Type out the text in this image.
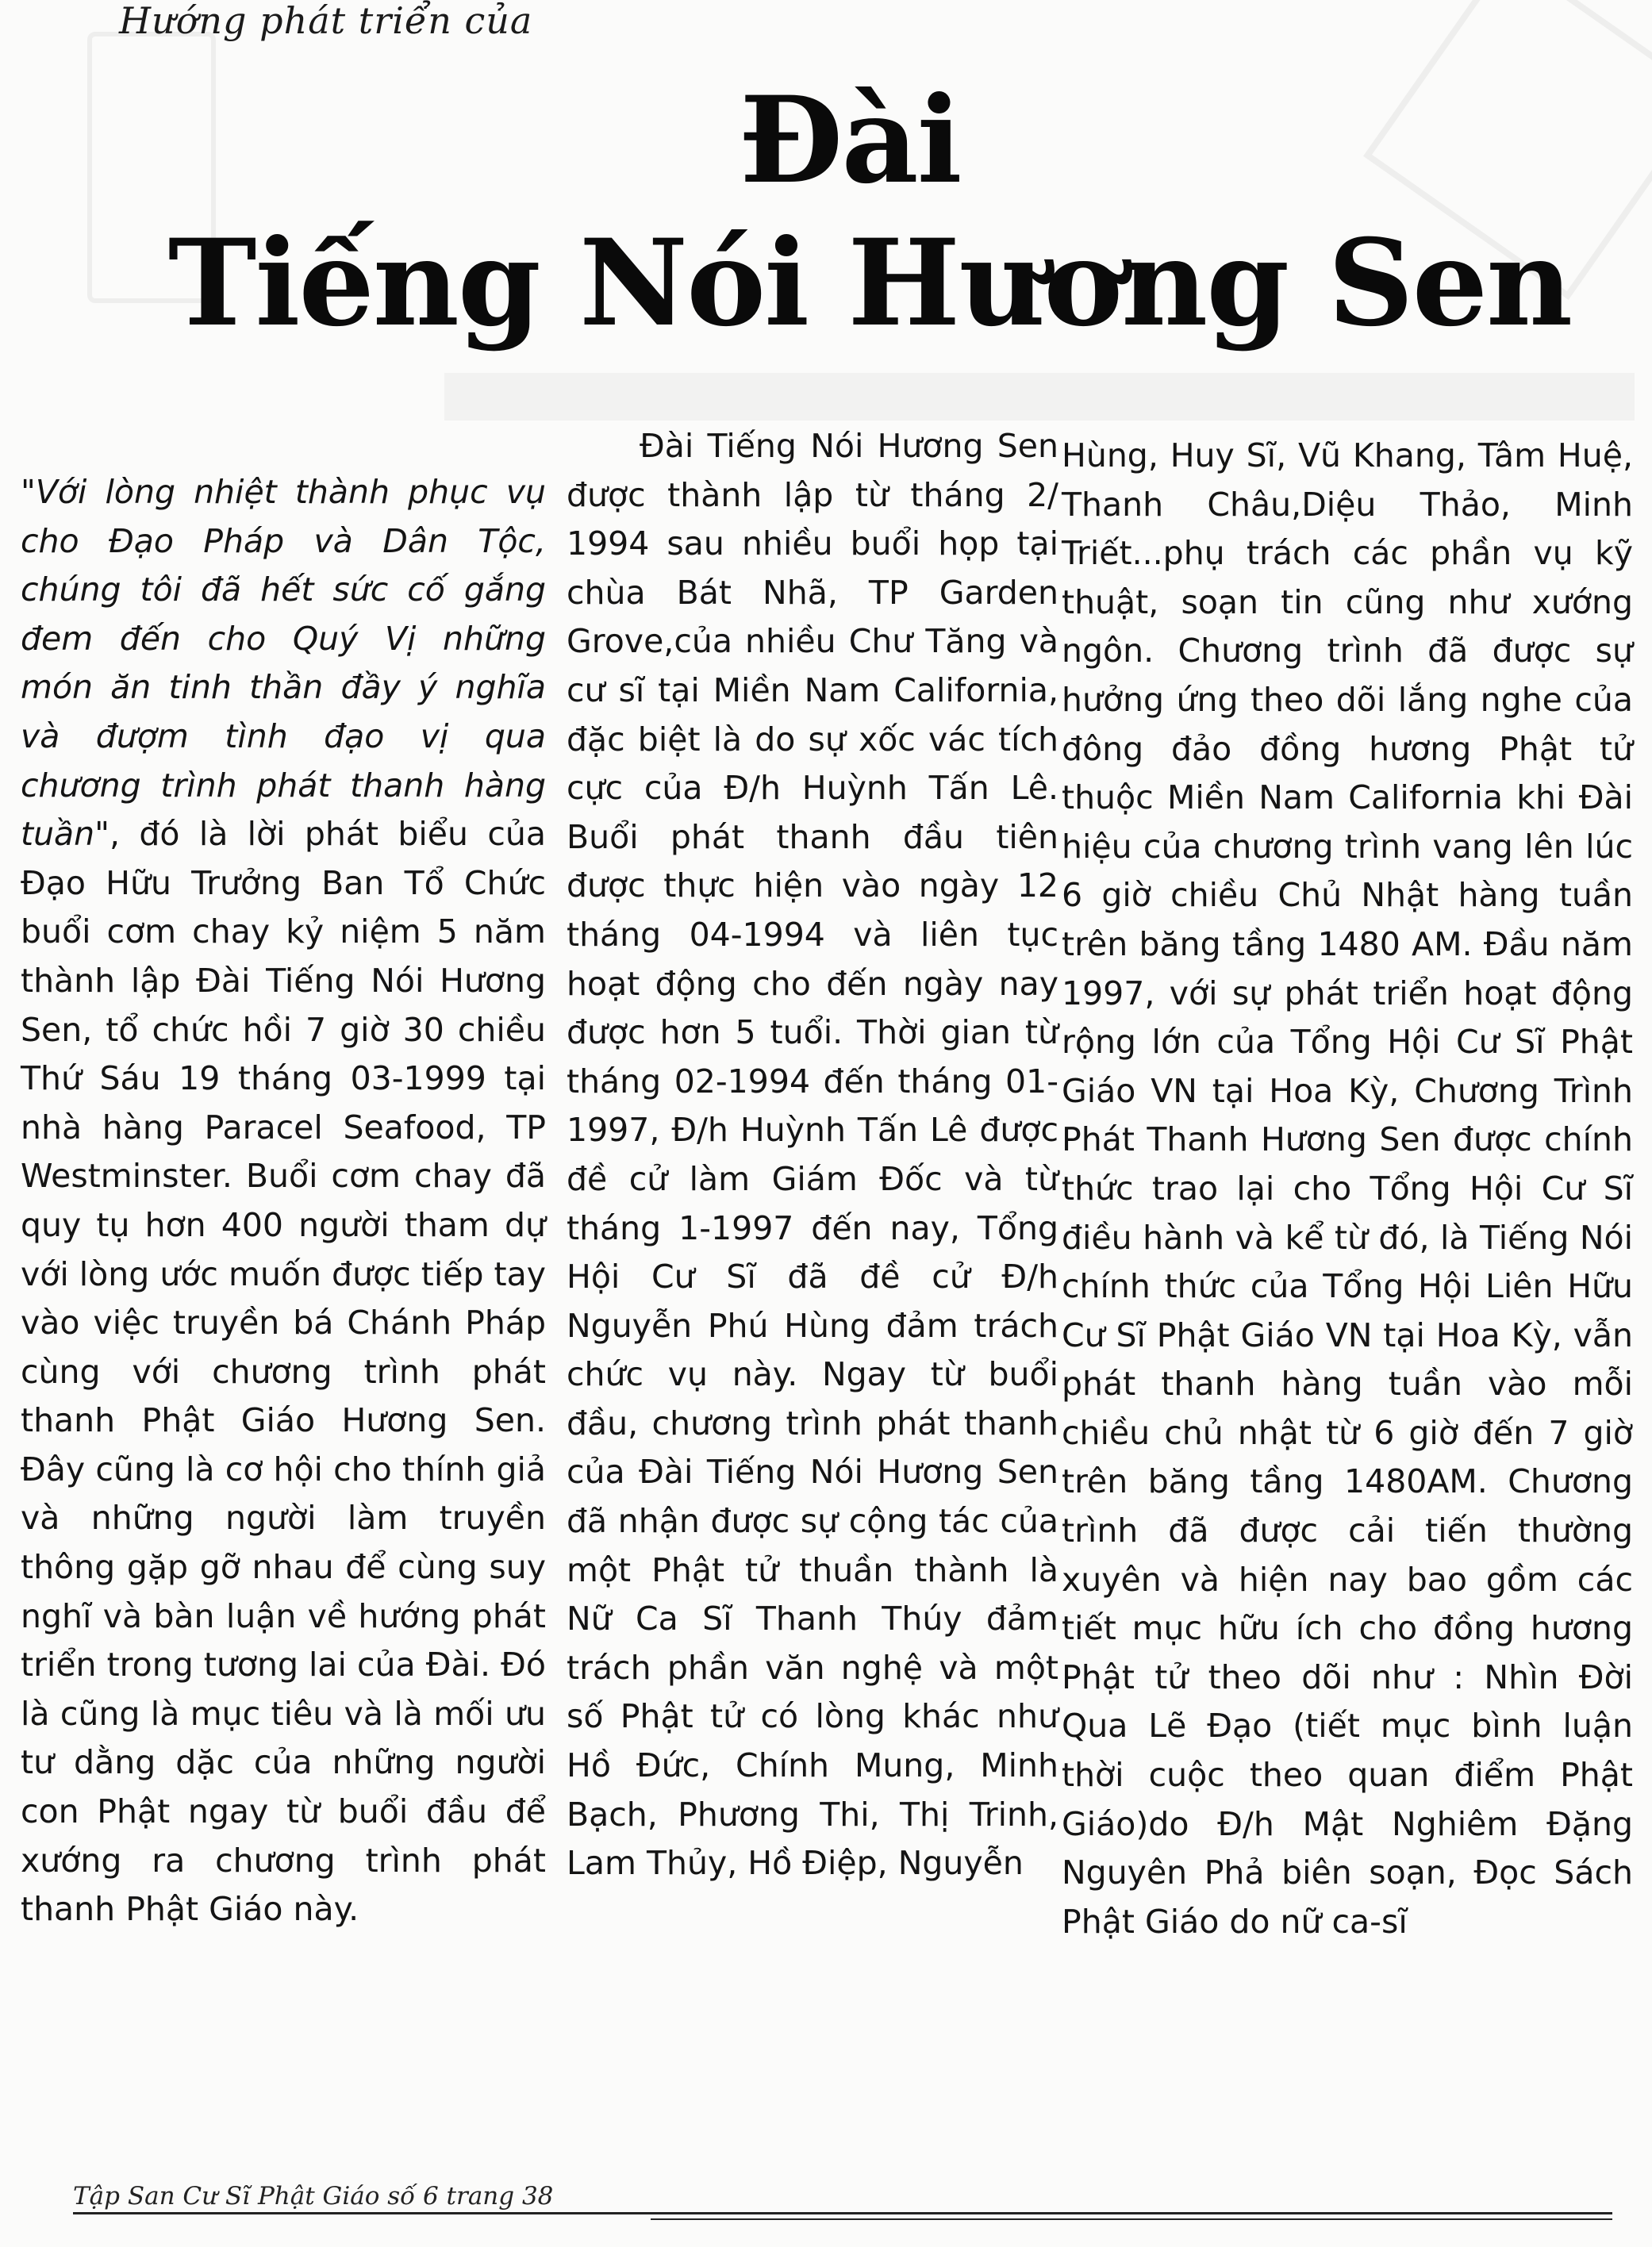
Hướng phát triển của
Đài
Tiếng Nói Hương Sen

"Với lòng nhiệt thành phục vụ cho Đạo Pháp và Dân Tộc, chúng tôi đã hết sức cố gắng đem đến cho Quý Vị những món ăn tinh thần đầy ý nghĩa và đượm tình đạo vị qua chương trình phát thanh hàng tuần", đó là lời phát biểu của Đạo Hữu Trưởng Ban Tổ Chức buổi cơm chay kỷ niệm 5 năm thành lập Đài Tiếng Nói Hương Sen, tổ chức hồi 7 giờ 30 chiều Thứ Sáu 19 tháng 03-1999 tại nhà hàng Paracel Seafood, TP Westminster. Buổi cơm chay đã quy tụ hơn 400 người tham dự với lòng ước muốn được tiếp tay vào việc truyền bá Chánh Pháp cùng với chương trình phát thanh Phật Giáo Hương Sen. Đây cũng là cơ hội cho thính giả và những người làm truyền thông gặp gỡ nhau để cùng suy nghĩ và bàn luận về hướng phát triển trong tương lai của Đài. Đó là cũng là mục tiêu và là mối ưu tư dằng dặc của những người con Phật ngay từ buổi đầu để xướng ra chương trình phát thanh Phật Giáo này.

Đài Tiếng Nói Hương Sen được thành lập từ tháng 2/ 1994 sau nhiều buổi họp tại chùa Bát Nhã, TP Garden Grove,của nhiều Chư Tăng và cư sĩ tại Miền Nam California, đặc biệt là do sự xốc vác tích cực của Đ/h Huỳnh Tấn Lê. Buổi phát thanh đầu tiên được thực hiện vào ngày 12 tháng 04-1994 và liên tục hoạt động cho đến ngày nay được hơn 5 tuổi. Thời gian từ tháng 02-1994 đến tháng 01-1997, Đ/h Huỳnh Tấn Lê được đề cử làm Giám Đốc và từ tháng 1-1997 đến nay, Tổng Hội Cư Sĩ đã đề cử Đ/h Nguyễn Phú Hùng đảm trách chức vụ này. Ngay từ buổi đầu, chương trình phát thanh của Đài Tiếng Nói Hương Sen đã nhận được sự cộng tác của một Phật tử thuần thành là Nữ Ca Sĩ Thanh Thúy đảm trách phần văn nghệ và một số Phật tử có lòng khác như Hồ Đức, Chính Mung, Minh Bạch, Phương Thi, Thị Trinh, Lam Thủy, Hồ Điệp, Nguyễn

Hùng, Huy Sĩ, Vũ Khang, Tâm Huệ, Thanh Châu,Diệu Thảo, Minh Triết...phụ trách các phần vụ kỹ thuật, soạn tin cũng như xướng ngôn. Chương trình đã được sự hưởng ứng theo dõi lắng nghe của đông đảo đồng hương Phật tử thuộc Miền Nam California khi Đài hiệu của chương trình vang lên lúc 6 giờ chiều Chủ Nhật hàng tuần trên băng tầng 1480 AM. Đầu năm 1997, với sự phát triển hoạt động rộng lớn của Tổng Hội Cư Sĩ Phật Giáo VN tại Hoa Kỳ, Chương Trình Phát Thanh Hương Sen được chính thức trao lại cho Tổng Hội Cư Sĩ điều hành và kể từ đó, là Tiếng Nói chính thức của Tổng Hội Liên Hữu Cư Sĩ Phật Giáo VN tại Hoa Kỳ, vẫn phát thanh hàng tuần vào mỗi chiều chủ nhật từ 6 giờ đến 7 giờ trên băng tầng 1480AM. Chương trình đã được cải tiến thường xuyên và hiện nay bao gồm các tiết mục hữu ích cho đồng hương Phật tử theo dõi như : Nhìn Đời Qua Lẽ Đạo (tiết mục bình luận thời cuộc theo quan điểm Phật Giáo)do Đ/h Mật Nghiêm Đặng Nguyên Phả biên soạn, Đọc Sách Phật Giáo do nữ ca-sĩ

Tập San Cư Sĩ Phật Giáo số 6 trang 38
